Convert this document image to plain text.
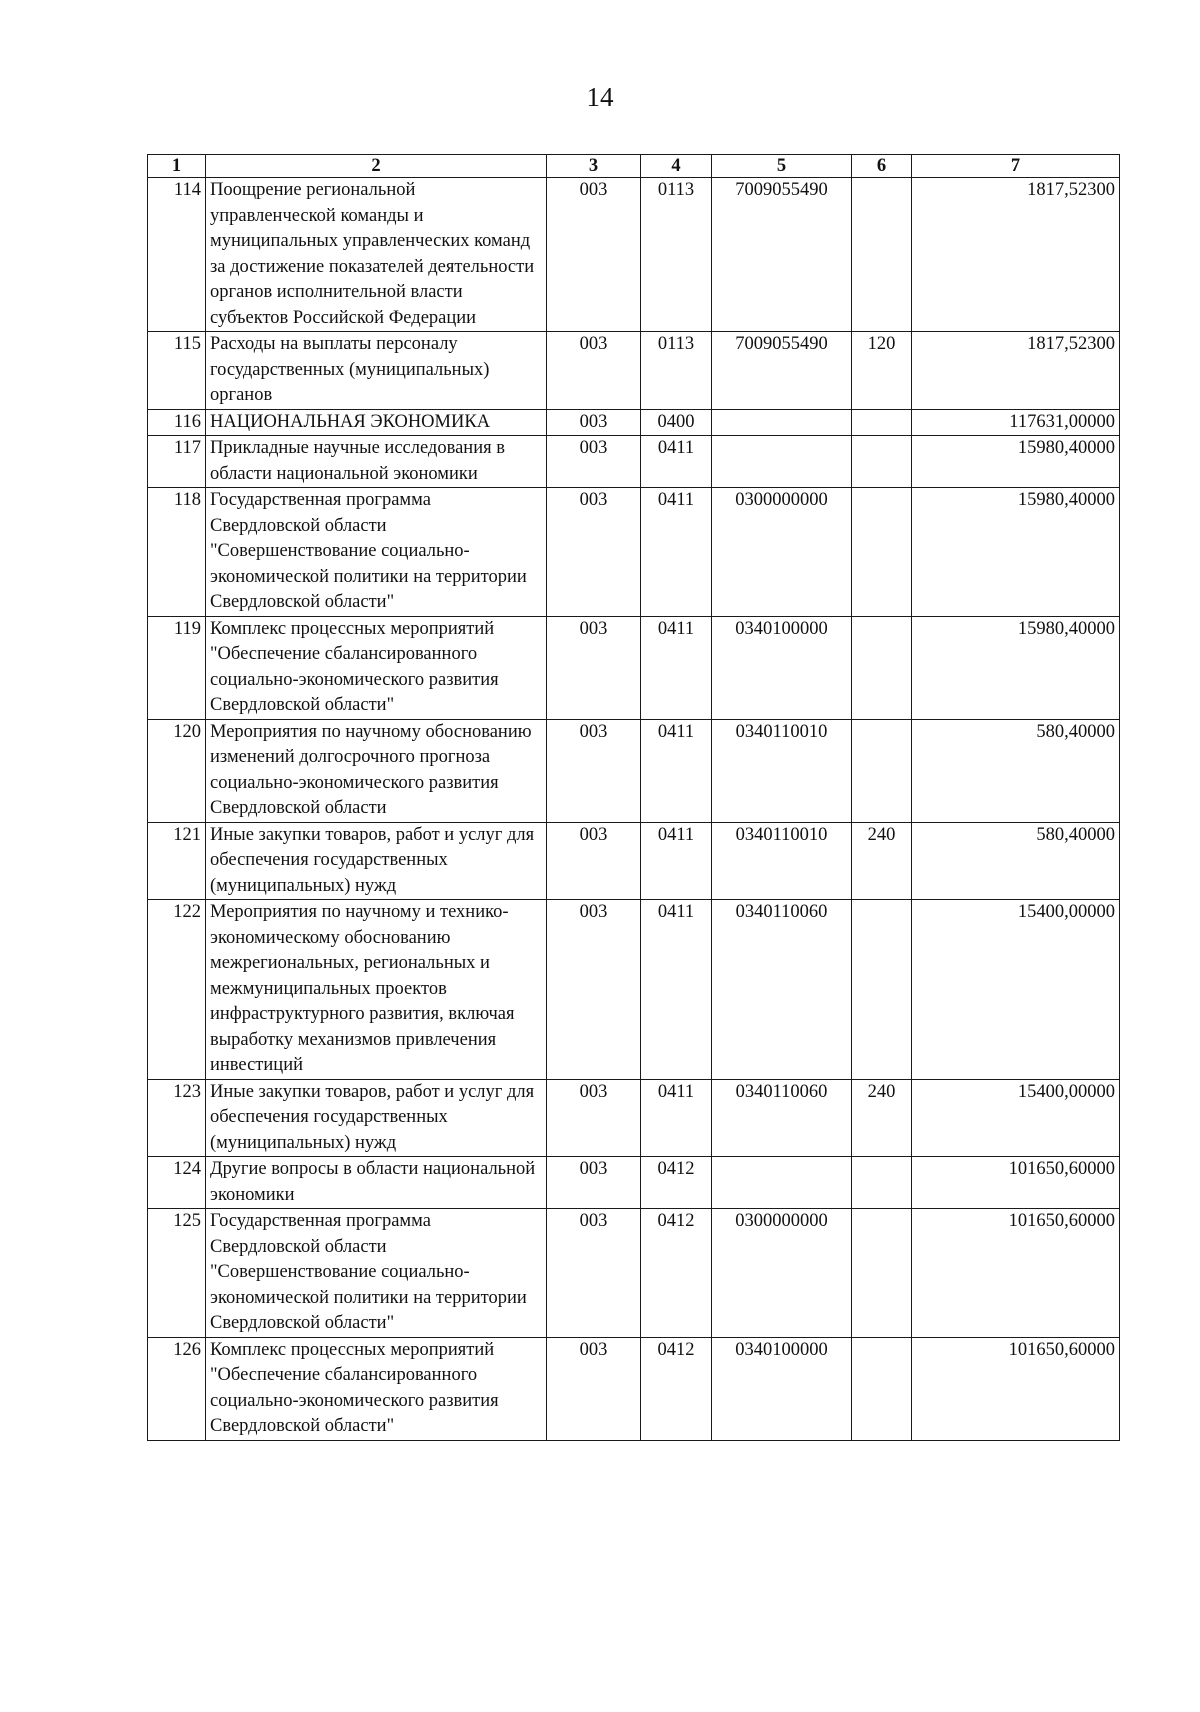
14
1	2	3	4	5	6	7
114	Поощрение региональной управленческой команды и муниципальных управленческих команд за достижение показателей деятельности органов исполнительной власти субъектов Российской Федерации	003	0113	7009055490		1817,52300

115	Расходы на выплаты персоналу государственных (муниципальных) органов	003	0113	7009055490	120	1817,52300

116	НАЦИОНАЛЬНАЯ ЭКОНОМИКА	003	0400			117631,00000

117	Прикладные научные исследования в области национальной экономики	003	0411			15980,40000

118	Государственная программа Свердловской области "Совершенствование социально-экономической политики на территории Свердловской области"	003	0411	0300000000		15980,40000

119	Комплекс процессных мероприятий "Обеспечение сбалансированного социально-экономического развития Свердловской области"	003	0411	0340100000		15980,40000

120	Мероприятия по научному обоснованию изменений долгосрочного прогноза социально-экономического развития Свердловской области	003	0411	0340110010		580,40000

121	Иные закупки товаров, работ и услуг для обеспечения государственных (муниципальных) нужд	003	0411	0340110010	240	580,40000

122	Мероприятия по научному и технико-экономическому обоснованию межрегиональных, региональных и межмуниципальных проектов инфраструктурного развития, включая выработку механизмов привлечения инвестиций	003	0411	0340110060		15400,00000

123	Иные закупки товаров, работ и услуг для обеспечения государственных (муниципальных) нужд	003	0411	0340110060	240	15400,00000

124	Другие вопросы в области национальной экономики	003	0412			101650,60000

125	Государственная программа Свердловской области "Совершенствование социально-экономической политики на территории Свердловской области"	003	0412	0300000000		101650,60000

126	Комплекс процессных мероприятий "Обеспечение сбалансированного социально-экономического развития Свердловской области"	003	0412	0340100000		101650,60000
